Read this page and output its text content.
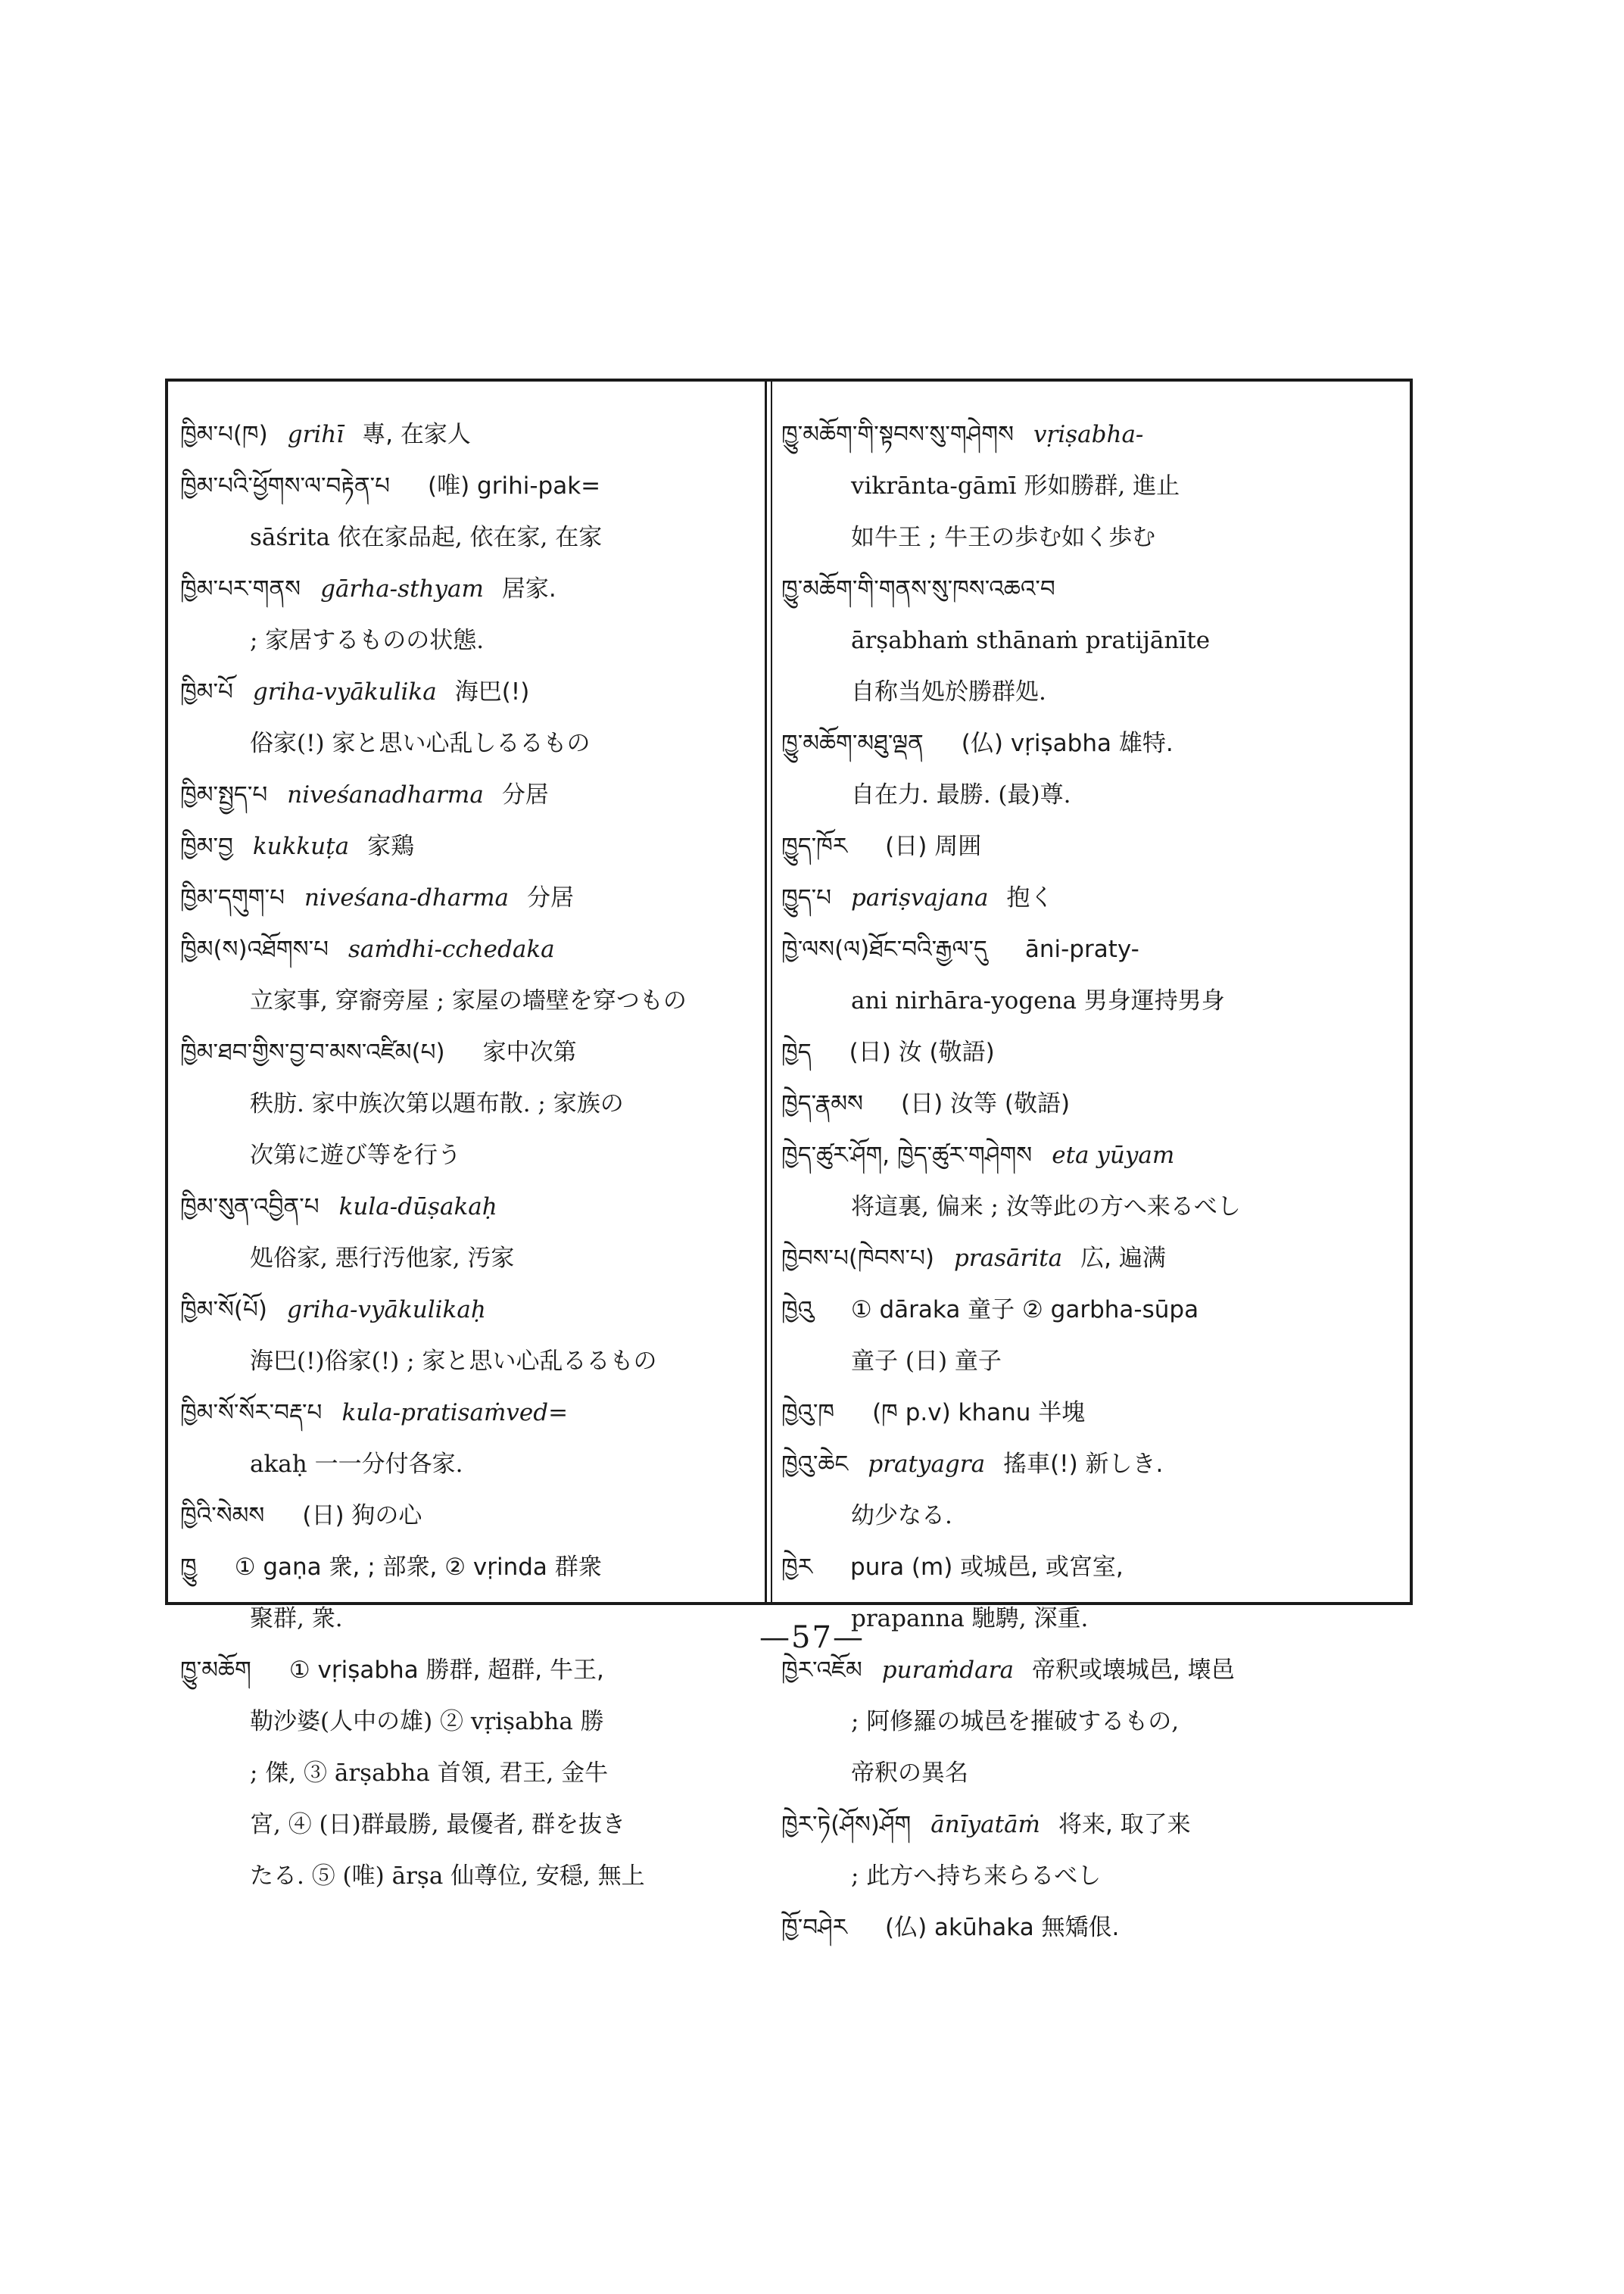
ཁྱིམ་པ(ཁ) grihī 專, 在家人
ཁྱིམ་པའི་ཕྱོགས་ལ་བརྟེན་པ (唯) grihi-pak=
sāśrita 依在家品起, 依在家, 在家
ཁྱིམ་པར་གནས gārha-sthyam 居家.
; 家居するものの状態.
ཁྱིམ་པོ griha-vyākulika 海巴(!)
俗家(!) 家と思い心乱しるるもの
ཁྱིམ་སྤྱད་པ niveśanadharma 分居
ཁྱིམ་བྱ kukkuṭa 家鶏
ཁྱིམ་དགུག་པ niveśana-dharma 分居
ཁྱིམ(ས)འཐོགས་པ saṁdhi-cchedaka
立家事, 穿窬旁屋 ; 家屋の墻壁を穿つもの
ཁྱིམ་ཐབ་གྱིས་བྱ་བ་མས་འཛིམ(པ) 家中次第
秩肪. 家中族次第以題布散. ; 家族の
次第に遊び等を行う
ཁྱིམ་སུན་འབྱིན་པ kula-dūṣakaḥ
処俗家, 悪行汚他家, 汚家
ཁྱིམ་སོ(པོ) griha-vyākulikaḥ
海巴(!)俗家(!) ; 家と思い心乱るるもの
ཁྱིམ་སོ་སོར་བརྡ་པ kula-pratisaṁved=
akaḥ 一一分付各家.
ཁྱིའི་སེམས (日) 狗の心
ཁྱུ ① gaṇa 衆, ; 部衆, ② vṛinda 群衆
聚群, 衆.
ཁྱུ་མཆོག ① vṛiṣabha 勝群, 超群, 牛王,
勒沙婆(人中の雄) ② vṛiṣabha 勝
; 傑, ③ ārṣabha 首領, 君王, 金牛
宮, ④ (日)群最勝, 最優者, 群を抜き
たる. ⑤ (唯) ārṣa 仙尊位, 安穏, 無上
ཁྱུ་མཆོག་གི་སྟབས་སུ་གཤེགས vṛiṣabha-
vikrānta-gāmī 形如勝群, 進止
如牛王 ; 牛王の歩む如く歩む
ཁྱུ་མཆོག་གི་གནས་སུ་ཁས་འཆའ་བ
ārṣabhaṁ sthānaṁ pratijānīte
自称当処於勝群処.
ཁྱུ་མཆོག་མཐུ་ལྡན (仏) vṛiṣabha 雄特.
自在力. 最勝. (最)尊.
ཁྱུད་ཁོར (日) 周囲
ཁྱུད་པ pariṣvajana 抱く
ཁྱེ་ལས(ལ)ཐོང་བའི་རྒྱལ་དུ āni-praty-
ani nirhāra-yogena 男身運持男身
ཁྱེད (日) 汝 (敬語)
ཁྱེད་རྣམས (日) 汝等 (敬語)
ཁྱེད་ཚུར་ཤོག, ཁྱེད་ཚུར་གཤེགས eta yūyam
将這裏, 偏来 ; 汝等此の方へ来るべし
ཁྱེབས་པ(ཁེབས་པ) prasārita 広, 遍满
ཁྱེའུ ① dāraka 童子 ② garbha-sūpa
童子 (日) 童子
ཁྱེའུ་ཁ (ཁ p.v) khanu 半塊
ཁྱེའུ་ཆེང pratyagra 搖車(!) 新しき.
幼少なる.
ཁྱེར pura (m) 或城邑, 或宮室,
prapanna 馳騁, 深重.
ཁྱེར་འཇོམ puraṁdara 帝釈或壊城邑, 壊邑
; 阿修羅の城邑を摧破するもの,
帝釈の異名
ཁྱེར་ཏེ(ཤོས)ཤོག ānīyatāṁ 将来, 取了来
; 此方へ持ち来らるべし
ཁྱོ་བཤེར (仏) akūhaka 無矯佷.
—57—
